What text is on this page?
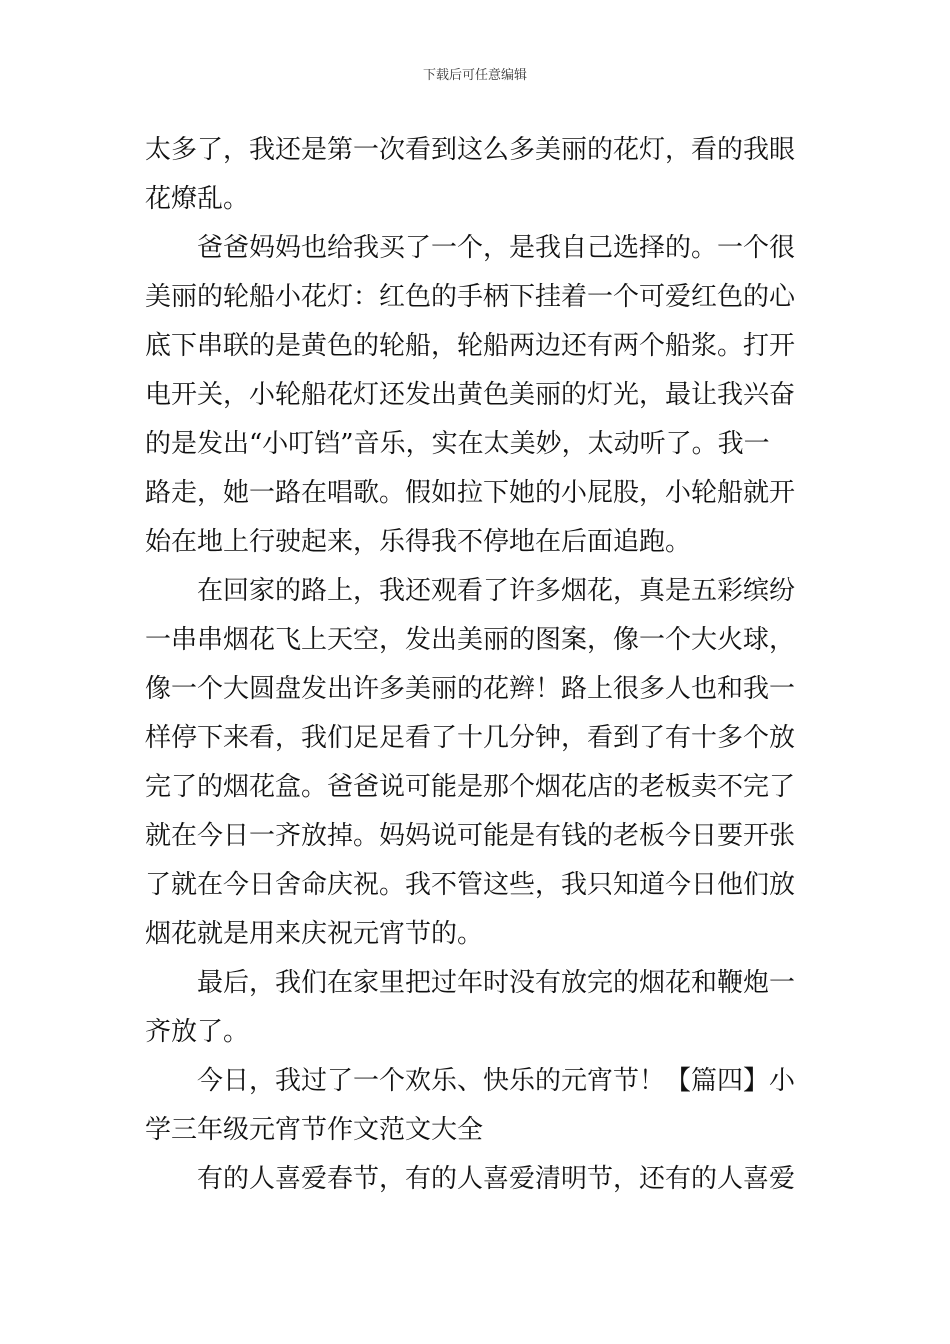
下载后可任意编辑
太多了，我还是第一次看到这么多美丽的花灯，看的我眼
花燎乱。
爸爸妈妈也给我买了一个，是我自己选择的。一个很
美丽的轮船小花灯：红色的手柄下挂着一个可爱红色的心
底下串联的是黄色的轮船，轮船两边还有两个船浆。打开
电开关，小轮船花灯还发出黄色美丽的灯光，最让我兴奋
的是发出“小叮铛”音乐，实在太美妙，太动听了。我一
路走，她一路在唱歌。假如拉下她的小屁股，小轮船就开
始在地上行驶起来，乐得我不停地在后面追跑。
在回家的路上，我还观看了许多烟花，真是五彩缤纷
一串串烟花飞上天空，发出美丽的图案，像一个大火球，
像一个大圆盘发出许多美丽的花辫！路上很多人也和我一
样停下来看，我们足足看了十几分钟，看到了有十多个放
完了的烟花盒。爸爸说可能是那个烟花店的老板卖不完了
就在今日一齐放掉。妈妈说可能是有钱的老板今日要开张
了就在今日舍命庆祝。我不管这些，我只知道今日他们放
烟花就是用来庆祝元宵节的。
最后，我们在家里把过年时没有放完的烟花和鞭炮一
齐放了。
今日，我过了一个欢乐、快乐的元宵节！【篇四】小
学三年级元宵节作文范文大全
有的人喜爱春节，有的人喜爱清明节，还有的人喜爱
